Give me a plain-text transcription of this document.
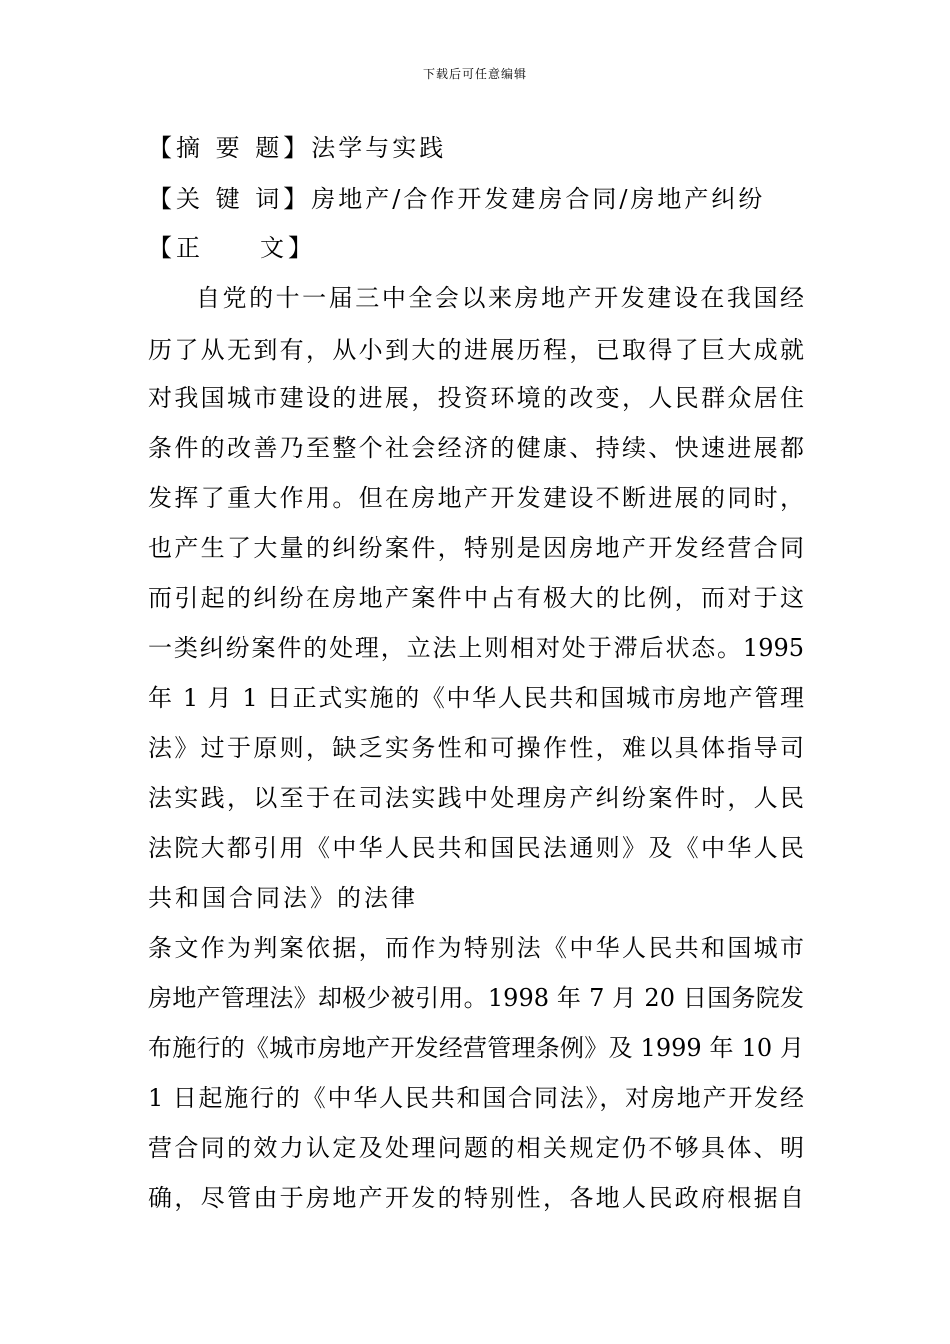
下载后可任意编辑
【摘 要 题】法学与实践
【关 键 词】房地产/合作开发建房合同/房地产纠纷
【正　　文】
自党的十一届三中全会以来房地产开发建设在我国经
历了从无到有，从小到大的进展历程，已取得了巨大成就
对我国城市建设的进展，投资环境的改变，人民群众居住
条件的改善乃至整个社会经济的健康、持续、快速进展都
发挥了重大作用。但在房地产开发建设不断进展的同时，
也产生了大量的纠纷案件，特别是因房地产开发经营合同
而引起的纠纷在房地产案件中占有极大的比例，而对于这
一类纠纷案件的处理，立法上则相对处于滞后状态。1995
年 1 月 1 日正式实施的《中华人民共和国城市房地产管理
法》过于原则，缺乏实务性和可操作性，难以具体指导司
法实践，以至于在司法实践中处理房产纠纷案件时，人民
法院大都引用《中华人民共和国民法通则》及《中华人民
共和国合同法》的法律
条文作为判案依据，而作为特别法《中华人民共和国城市
房地产管理法》却极少被引用。1998 年 7 月 20 日国务院发
布施行的《城市房地产开发经营管理条例》及 1999 年 10 月
1 日起施行的《中华人民共和国合同法》，对房地产开发经
营合同的效力认定及处理问题的相关规定仍不够具体、明
确，尽管由于房地产开发的特别性，各地人民政府根据自
